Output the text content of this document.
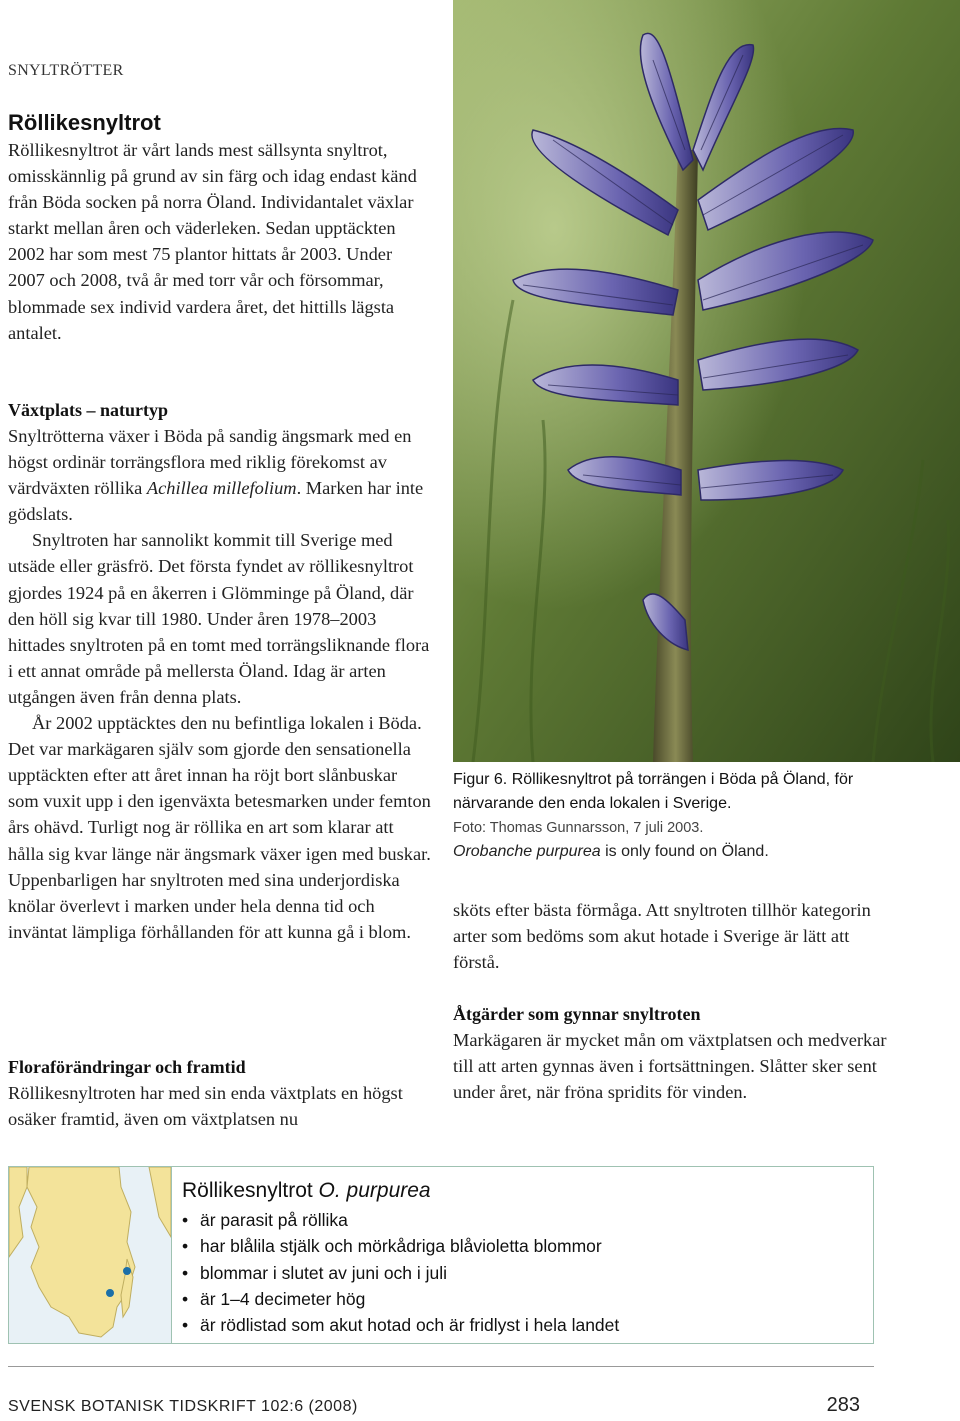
SNYLTRÖTTER
Röllikesnyltrot

Röllikesnyltrot är vårt lands mest sällsynta snyltrot, omisskännlig på grund av sin färg och idag endast känd från Böda socken på norra Öland. Individantalet växlar starkt mellan åren och väderleken. Sedan upptäckten 2002 har som mest 75 plantor hittats år 2003. Under 2007 och 2008, två år med torr vår och försommar, blommade sex individ vardera året, det hittills lägsta antalet.

Växtplats – naturtyp

Snyltrötterna växer i Böda på sandig ängsmark med en högst ordinär torrängsflora med riklig förekomst av värdväxten röllika Achillea millefolium. Marken har inte gödslats.

Snyltroten har sannolikt kommit till Sverige med utsäde eller gräsfrö. Det första fyndet av röllikesnyltrot gjordes 1924 på en åkerren i Glömminge på Öland, där den höll sig kvar till 1980. Under åren 1978–2003 hittades snyltroten på en tomt med torrängsliknande flora i ett annat område på mellersta Öland. Idag är arten utgången även från denna plats.

År 2002 upptäcktes den nu befintliga lokalen i Böda. Det var markägaren själv som gjorde den sensationella upptäckten efter att året innan ha röjt bort slånbuskar som vuxit upp i den igenväxta betesmarken under femton års ohävd. Turligt nog är röllika en art som klarar att hålla sig kvar länge när ängsmark växer igen med buskar. Uppenbarligen har snyltroten med sina underjordiska knölar överlevt i marken under hela denna tid och inväntat lämpliga förhållanden för att kunna gå i blom.

Floraförändringar och framtid

Röllikesnyltroten har med sin enda växtplats en högst osäker framtid, även om växtplatsen nu

Figur 6. Röllikesnyltrot på torrängen i Böda på Öland, för närvarande den enda lokalen i Sverige.

Foto: Thomas Gunnarsson, 7 juli 2003.

Orobanche purpurea is only found on Öland.

sköts efter bästa förmåga. Att snyltroten tillhör kategorin arter som bedöms som akut hotade i Sverige är lätt att förstå.

Åtgärder som gynnar snyltroten

Markägaren är mycket mån om växtplatsen och medverkar till att arten gynnas även i fortsättningen. Slåtter sker sent under året, när fröna spridits för vinden.

Röllikesnyltrot O. purpurea
• är parasit på röllika
• har blålila stjälk och mörkådriga blåvioletta blommor
• blommar i slutet av juni och i juli
• är 1–4 decimeter hög
• är rödlistad som akut hotad och är fridlyst i hela landet
SVENSK BOTANISK TIDSKRIFT 102:6 (2008)	283
